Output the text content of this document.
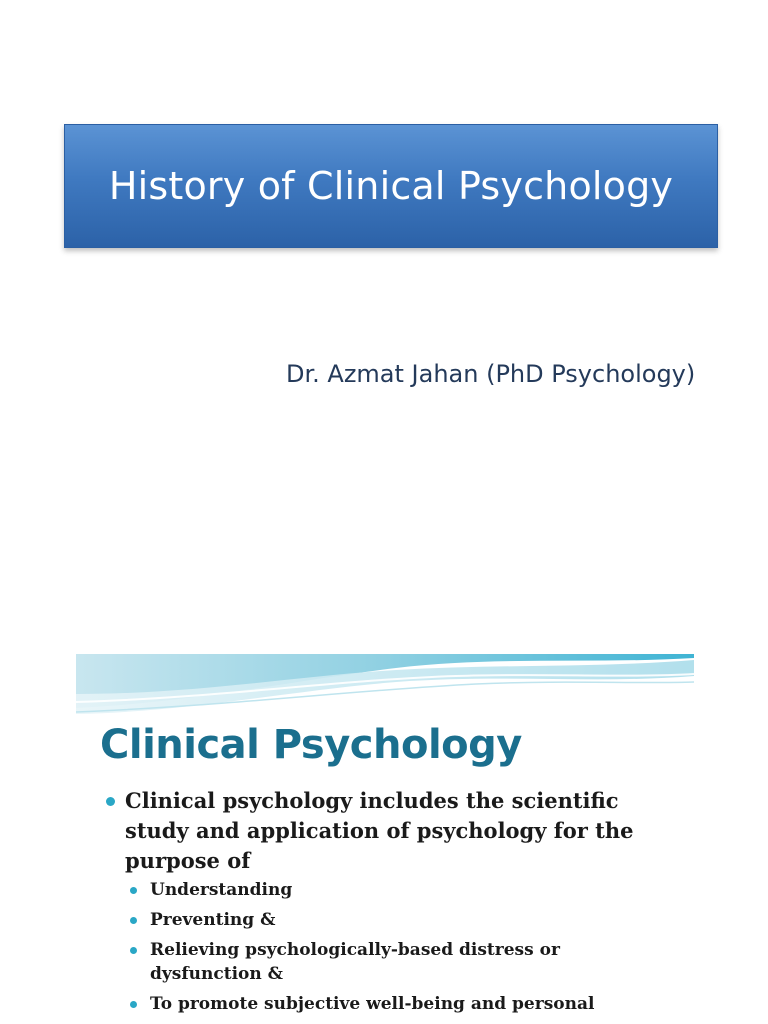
History of Clinical Psychology
Dr. Azmat Jahan (PhD Psychology)
Clinical Psychology
Clinical psychology includes the scientific study and application of psychology for the purpose of
Understanding
Preventing &
Relieving psychologically-based distress or dysfunction &
To promote subjective well-being and personal
